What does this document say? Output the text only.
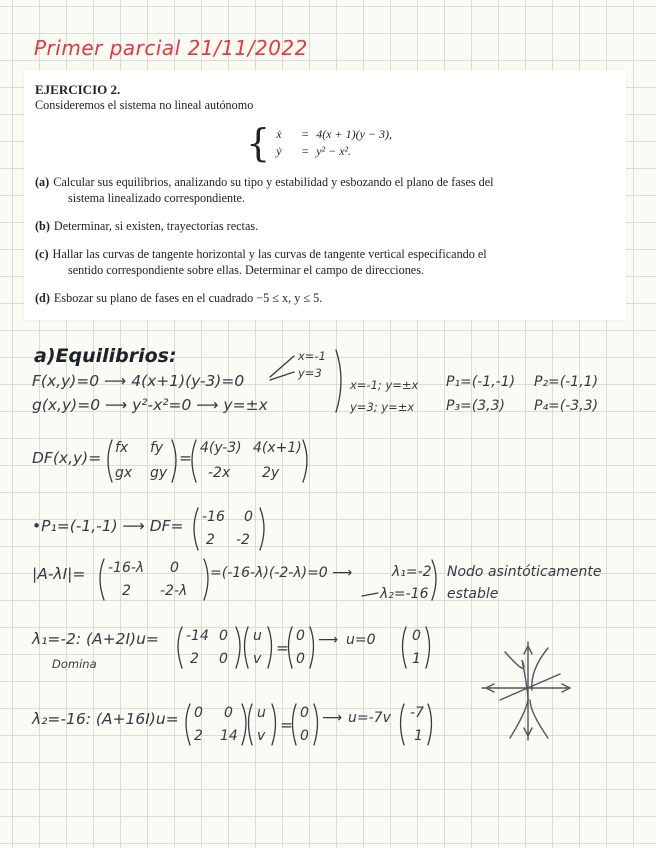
Primer parcial 21/11/2022
EJERCICIO 2.
Consideremos el sistema no lineal autónomo
{ ẋ	= 4(x + 1)(y − 3),
ẏ	= y² − x².
(a) Calcular sus equilibrios, analizando su tipo y estabilidad y esbozando el plano de fases del
sistema linealizado correspondiente.
(b) Determinar, si existen, trayectorias rectas.
(c) Hallar las curvas de tangente horizontal y las curvas de tangente vertical especificando el
sentido correspondiente sobre ellas. Determinar el campo de direcciones.
(d) Esbozar su plano de fases en el cuadrado −5 ≤ x, y ≤ 5.
a)Equilibrios:
F(x,y)=0 ⟶ 4(x+1)(y-3)=0
x=-1
y=3
g(x,y)=0 ⟶ y²-x²=0 ⟶ y=±x
x=-1; y=±x
y=3; y=±x
P₁=(-1,-1) P₂=(-1,1)
P₃=(3,3) P₄=(-3,3)
DF(x,y)=
fx fy
gx gy
=
4(y-3) 4(x+1)
-2x 2y
•P₁=(-1,-1) ⟶ DF= -16 0
2 -2
|A-λI|= -16-λ 0
2 -2-λ
=(-16-λ)(-2-λ)=0 ⟶	λ₁=-2
λ₂=-16
Nodo asintóticamente
estable
λ₁=-2: (A+2I)u=
Domina
-14 0
2 0
u
v
=
0
0
⟶ u=0	0
1
λ₂=-16: (A+16I)u= 0 0
2 14
u
v
=
0
0
⟶ u=-7v -7
1
